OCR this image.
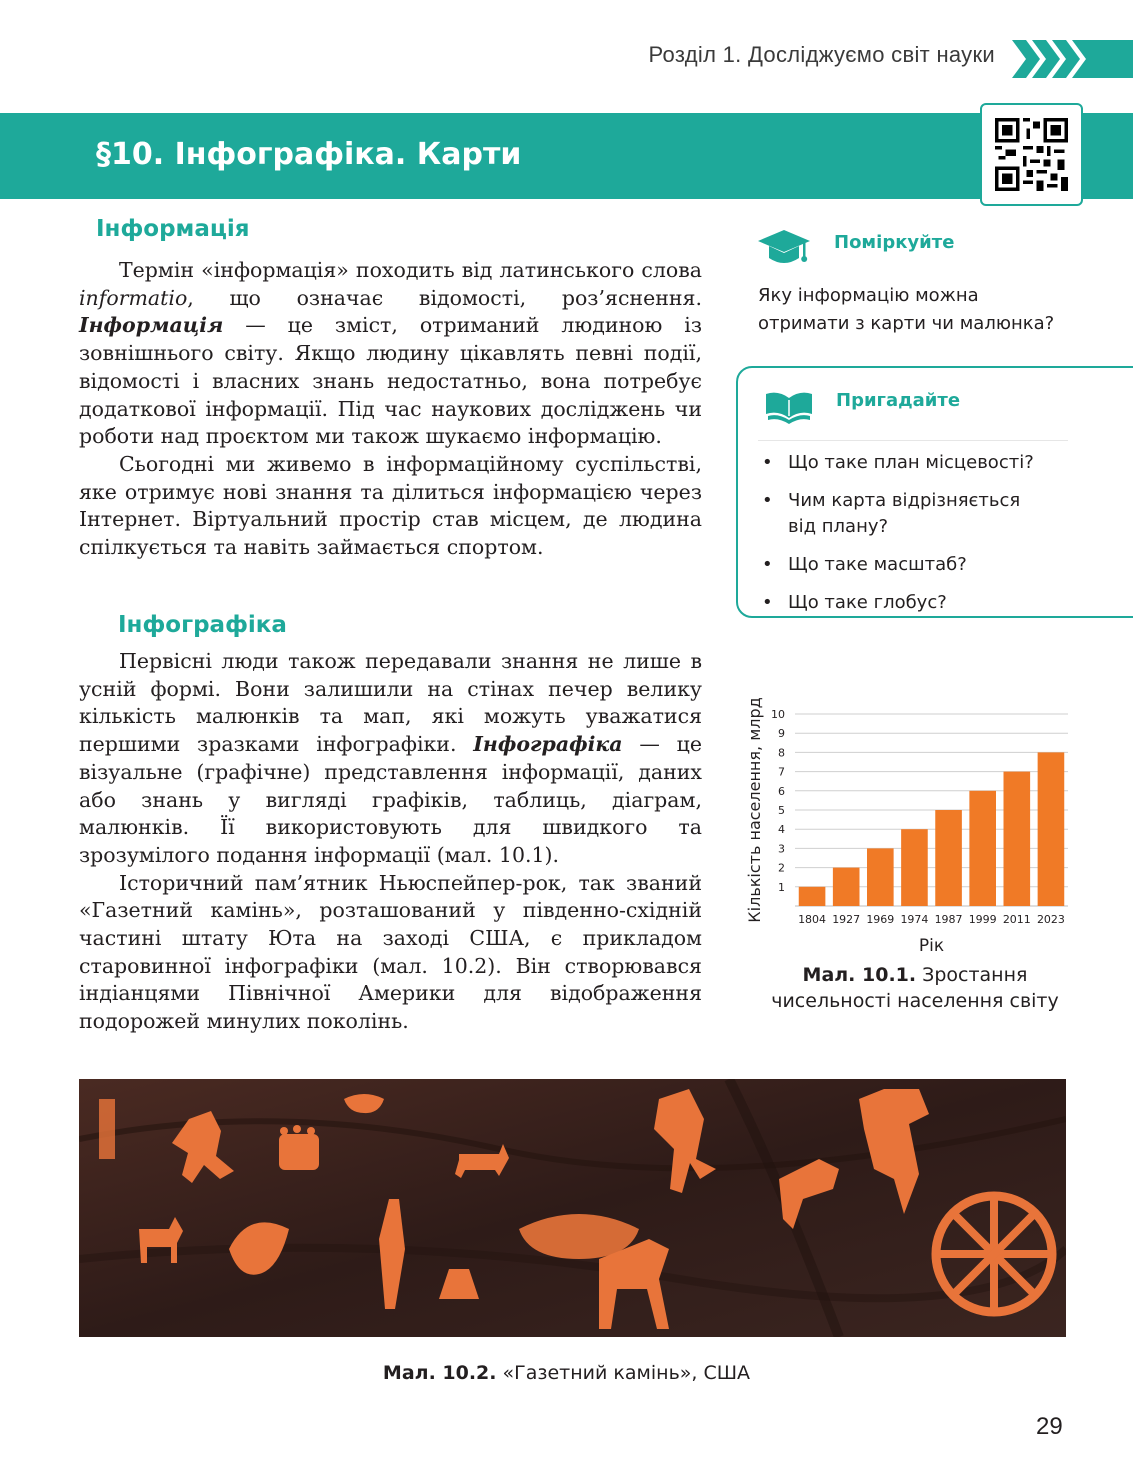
Розділ 1. Досліджуємо світ науки
§10. Інфографіка. Карти
Інформація

Термін «інформація» походить від латинського слова informatio, що означає відомості, роз’яснення. Інформація — це зміст, отриманий людиною із зовнішнього світу. Якщо людину цікавлять певні події, відомості і власних знань недостатньо, вона потребує додаткової інформації. Під час наукових досліджень чи роботи над проєктом ми також шукаємо інформацію.

Сьогодні ми живемо в інформаційному суспільстві, яке отримує нові знання та ділиться інформацією через Інтернет. Віртуальний простір став місцем, де людина спілкується та навіть займається спортом.

Інфографіка

Первісні люди також передавали знання не лише в усній формі. Вони залишили на стінах печер велику кількість малюнків та мап, які можуть уважатися першими зразками інфографіки. Інфографіка — це візуальне (графічне) представлення інформації, даних або знань у вигляді графіків, таблиць, діаграм, малюнків. Її використовують для швидкого та зрозумілого подання інформації (мал. 10.1).

Історичний пам’ятник Ньюспейпер-рок, так званий «Газетний камінь», розташований у південно-східній частині штату Юта на заході США, є прикладом старовинної інфографіки (мал. 10.2). Він створювався індіанцями Північної Америки для відображення подорожей минулих поколінь.

Поміркуйте
Яку інформацію можна отримати з карти чи малюнка?
Пригадайте
• Що таке план місцевості?
• Чим карта відрізняється від плану?
• Що таке масштаб?
• Що таке глобус?
1
2
3
4
5
6
7
8
9
10
1804 1927 1969 1974 1987 1999 2011 2023
Рік
Кількість населення, млрд
Мал. 10.1. Зростання чисельності населення світу
Мал. 10.2. «Газетний камінь», США
29
